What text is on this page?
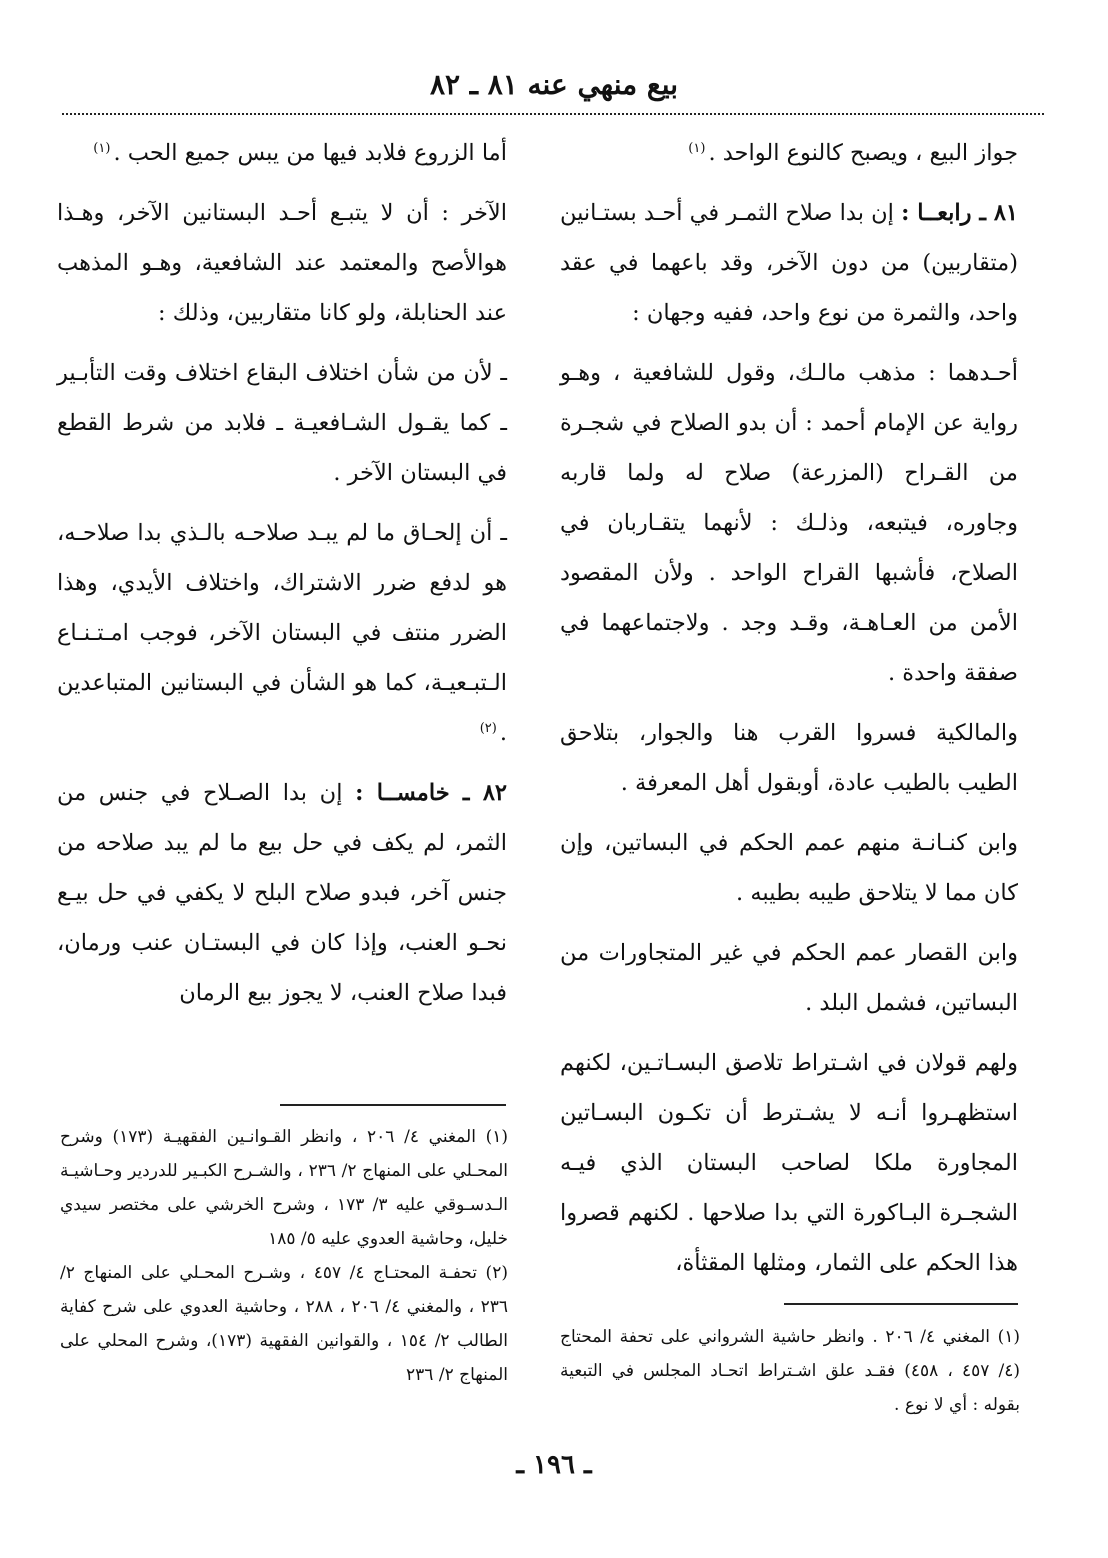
بيع منهي عنه ٨١ ـ ٨٢

جواز البيع ، ويصبح كالنوع الواحد .$^{(١)}$

٨١ ـ رابعــا : إن بدا صلاح الثمـر في أحـد بستـانين (متقاربين) من دون الآخر، وقد باعهما في عقد واحد، والثمرة من نوع واحد، ففيه وجهان :

أحـدهما : مذهب مالـك، وقول للشافعية ، وهـو رواية عن الإمام أحمد : أن بدو الصلاح في شجـرة من القـراح (المزرعة) صلاح له ولما قاربه وجاوره، فيتبعه، وذلـك : لأنهما يتقـاربان في الصلاح، فأشبها القراح الواحد . ولأن المقصود الأمن من العـاهـة، وقـد وجد . ولاجتماعهما في صفقة واحدة .

والمالكية فسروا القرب هنا والجوار، بتلاحق الطيب بالطيب عادة، أوبقول أهل المعرفة .

وابن كنـانـة منهم عمم الحكم في البساتين، وإن كان مما لا يتلاحق طيبه بطيبه .

وابن القصار عمم الحكم في غير المتجاورات من البساتين، فشمل البلد .

ولهم قولان في اشـتراط تلاصق البسـاتـين، لكنهم استظهـروا أنـه لا يشـترط أن تكـون البسـاتين المجاورة ملكا لصاحب البستان الذي فيـه الشجـرة البـاكورة التي بدا صلاحها . لكنهم قصروا هذا الحكم على الثمار، ومثلها المقثأة،

أما الزروع فلابد فيها من يبس جميع الحب .$^{(١)}$

الآخر : أن لا يتبـع أحـد البستانين الآخر، وهـذا هوالأصح والمعتمد عند الشافعية، وهـو المذهب عند الحنابلة، ولو كانا متقاربين، وذلك :

ـ لأن من شأن اختلاف البقاع اختلاف وقت التأبـير ـ كما يقـول الشـافعيـة ـ فلابد من شرط القطع في البستان الآخر .

ـ أن إلحـاق ما لم يبـد صلاحـه بالـذي بدا صلاحـه، هو لدفع ضرر الاشتراك، واختلاف الأيدي، وهذا الضرر منتف في البستان الآخر، فوجب امـتـنـاع الـتبـعيـة، كما هو الشأن في البستانين المتباعدين .$^{(٢)}$

٨٢ ـ خامســا : إن بدا الصـلاح في جنس من الثمر، لم يكف في حل بيع ما لم يبد صلاحه من جنس آخر، فبدو صلاح البلح لا يكفي في حل بيـع نحـو العنب، وإذا كان في البستـان عنب ورمان، فبدا صلاح العنب، لا يجوز بيع الرمان

(١) المغني ٤/ ٢٠٦ ، وانظر القـوانـين الفقهيـة (١٧٣) وشرح المحـلي على المنهاج ٢/ ٢٣٦ ، والشـرح الكبـير للدردير وحـاشيـة الـدسـوقي عليه ٣/ ١٧٣ ، وشرح الخرشي على مختصر سيدي خليل، وحاشية العدوي عليه ٥/ ١٨٥

(٢) تحفـة المحتـاج ٤/ ٤٥٧ ، وشـرح المحـلي على المنهاج ٢/ ٢٣٦ ، والمغني ٤/ ٢٠٦ ، ٢٨٨ ، وحاشية العدوي على شرح كفاية الطالب ٢/ ١٥٤ ، والقوانين الفقهية (١٧٣)، وشرح المحلي على المنهاج ٢/ ٢٣٦

(١) المغني ٤/ ٢٠٦ . وانظر حاشية الشرواني على تحفة المحتاج (٤/ ٤٥٧ ، ٤٥٨) فقـد علق اشـتراط اتحـاد المجلس في التبعية بقوله : أي لا نوع .

ـ ١٩٦ ـ
